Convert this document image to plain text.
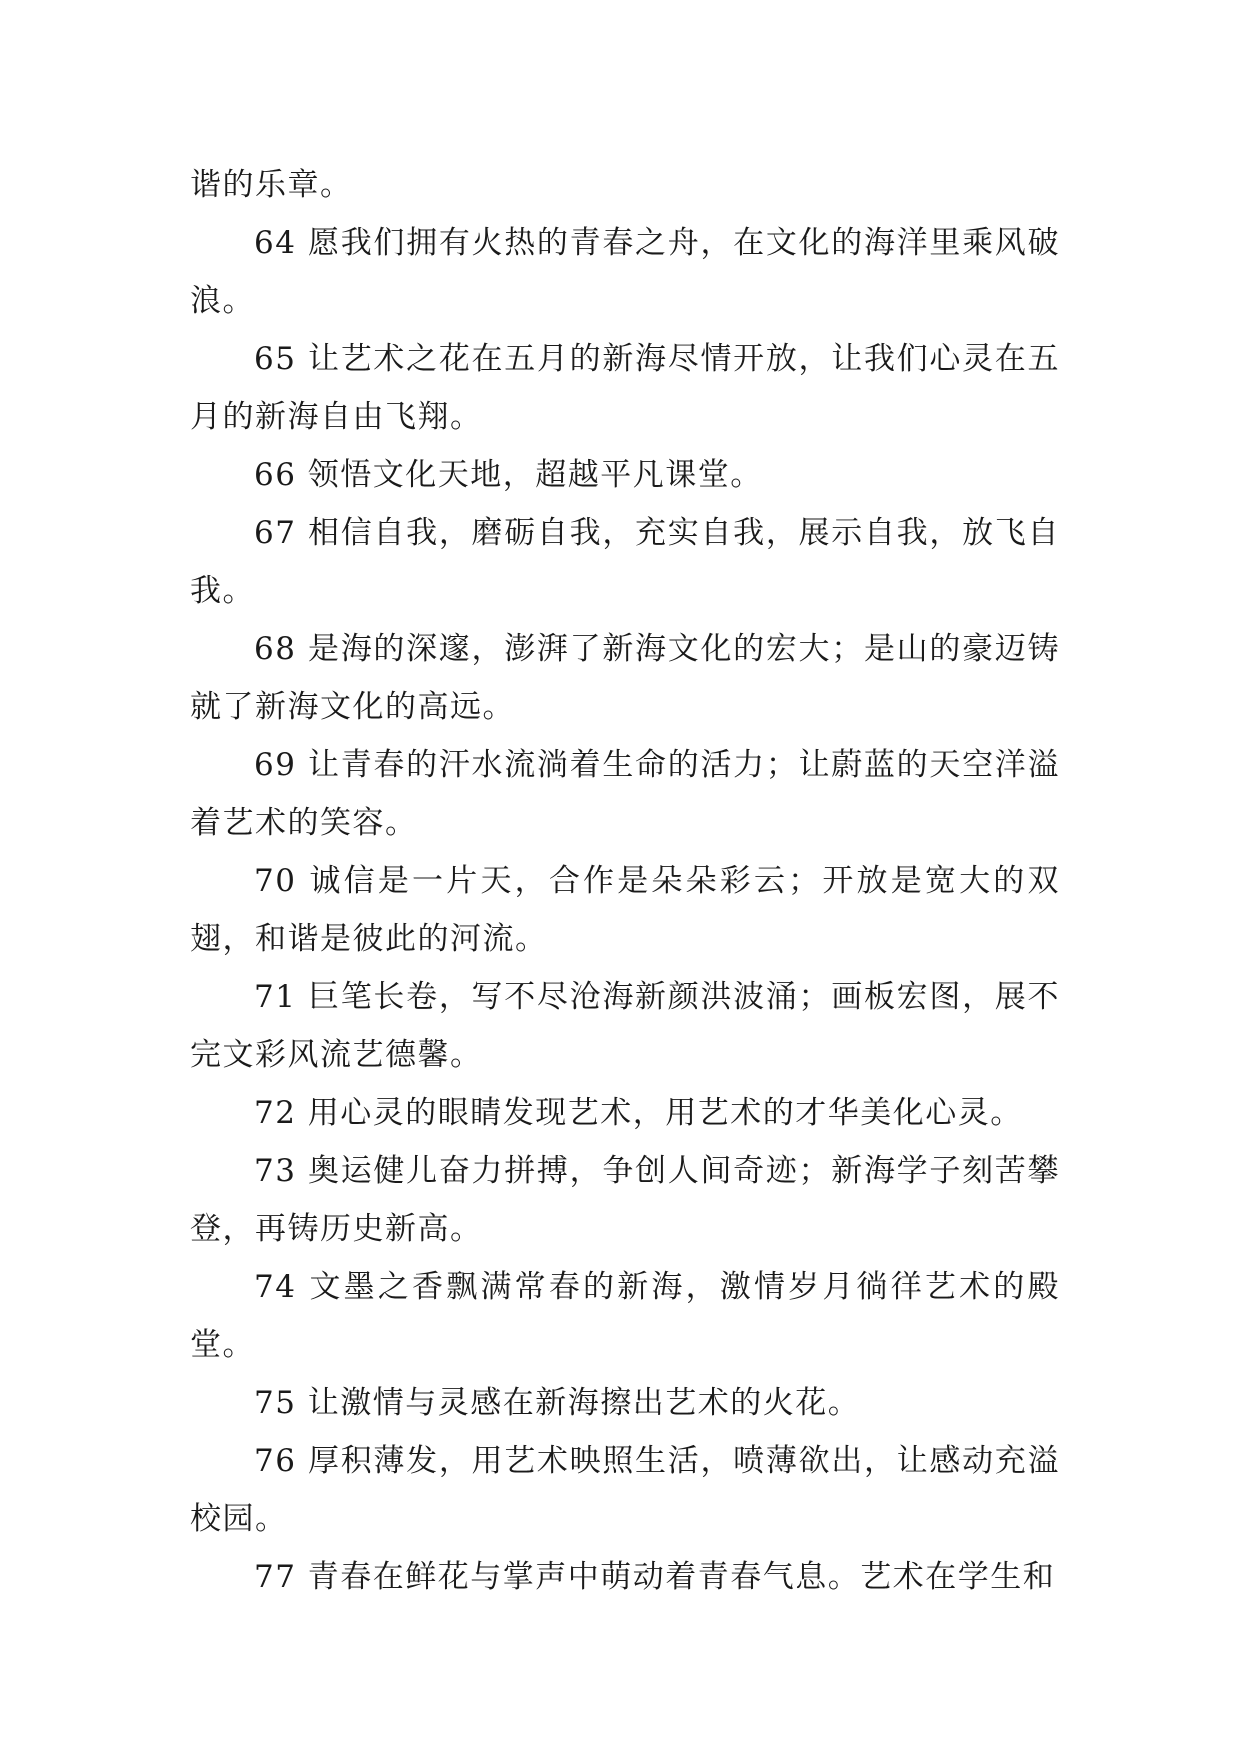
谐的乐章。

64 愿我们拥有火热的青春之舟，在文化的海洋里乘风破浪。

65 让艺术之花在五月的新海尽情开放，让我们心灵在五月的新海自由飞翔。

66 领悟文化天地，超越平凡课堂。

67 相信自我，磨砺自我，充实自我，展示自我，放飞自我。

68 是海的深邃，澎湃了新海文化的宏大；是山的豪迈铸就了新海文化的高远。

69 让青春的汗水流淌着生命的活力；让蔚蓝的天空洋溢着艺术的笑容。

70 诚信是一片天，合作是朵朵彩云；开放是宽大的双翅，和谐是彼此的河流。

71 巨笔长卷，写不尽沧海新颜洪波涌；画板宏图，展不完文彩风流艺德馨。

72 用心灵的眼睛发现艺术，用艺术的才华美化心灵。

73 奥运健儿奋力拼搏，争创人间奇迹；新海学子刻苦攀登，再铸历史新高。

74 文墨之香飘满常春的新海，激情岁月徜徉艺术的殿堂。

75 让激情与灵感在新海擦出艺术的火花。

76 厚积薄发，用艺术映照生活，喷薄欲出，让感动充溢校园。

77 青春在鲜花与掌声中萌动着青春气息。艺术在学生和
